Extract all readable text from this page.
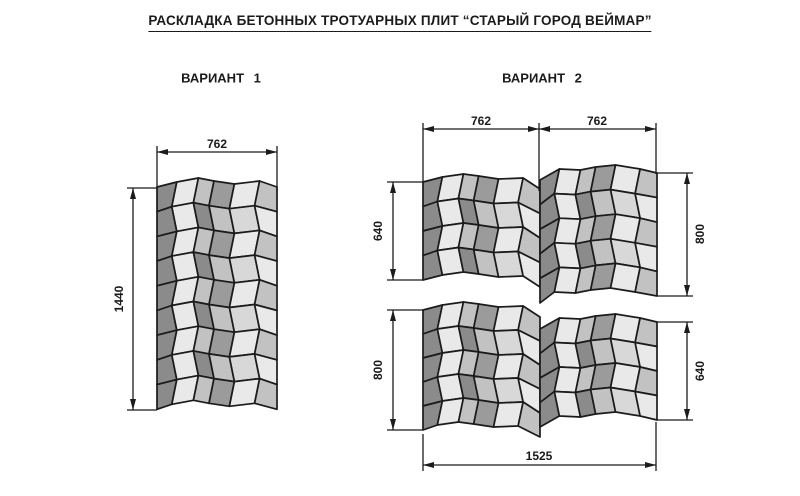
РАСКЛАДКА БЕТОННЫХ ТРОТУАРНЫХ ПЛИТ “СТАРЫЙ ГОРОД ВЕЙМАР”
ВАРИАНТ 1	ВАРИАНТ 2
762
1440
762	762
640	800
800	640
1525
